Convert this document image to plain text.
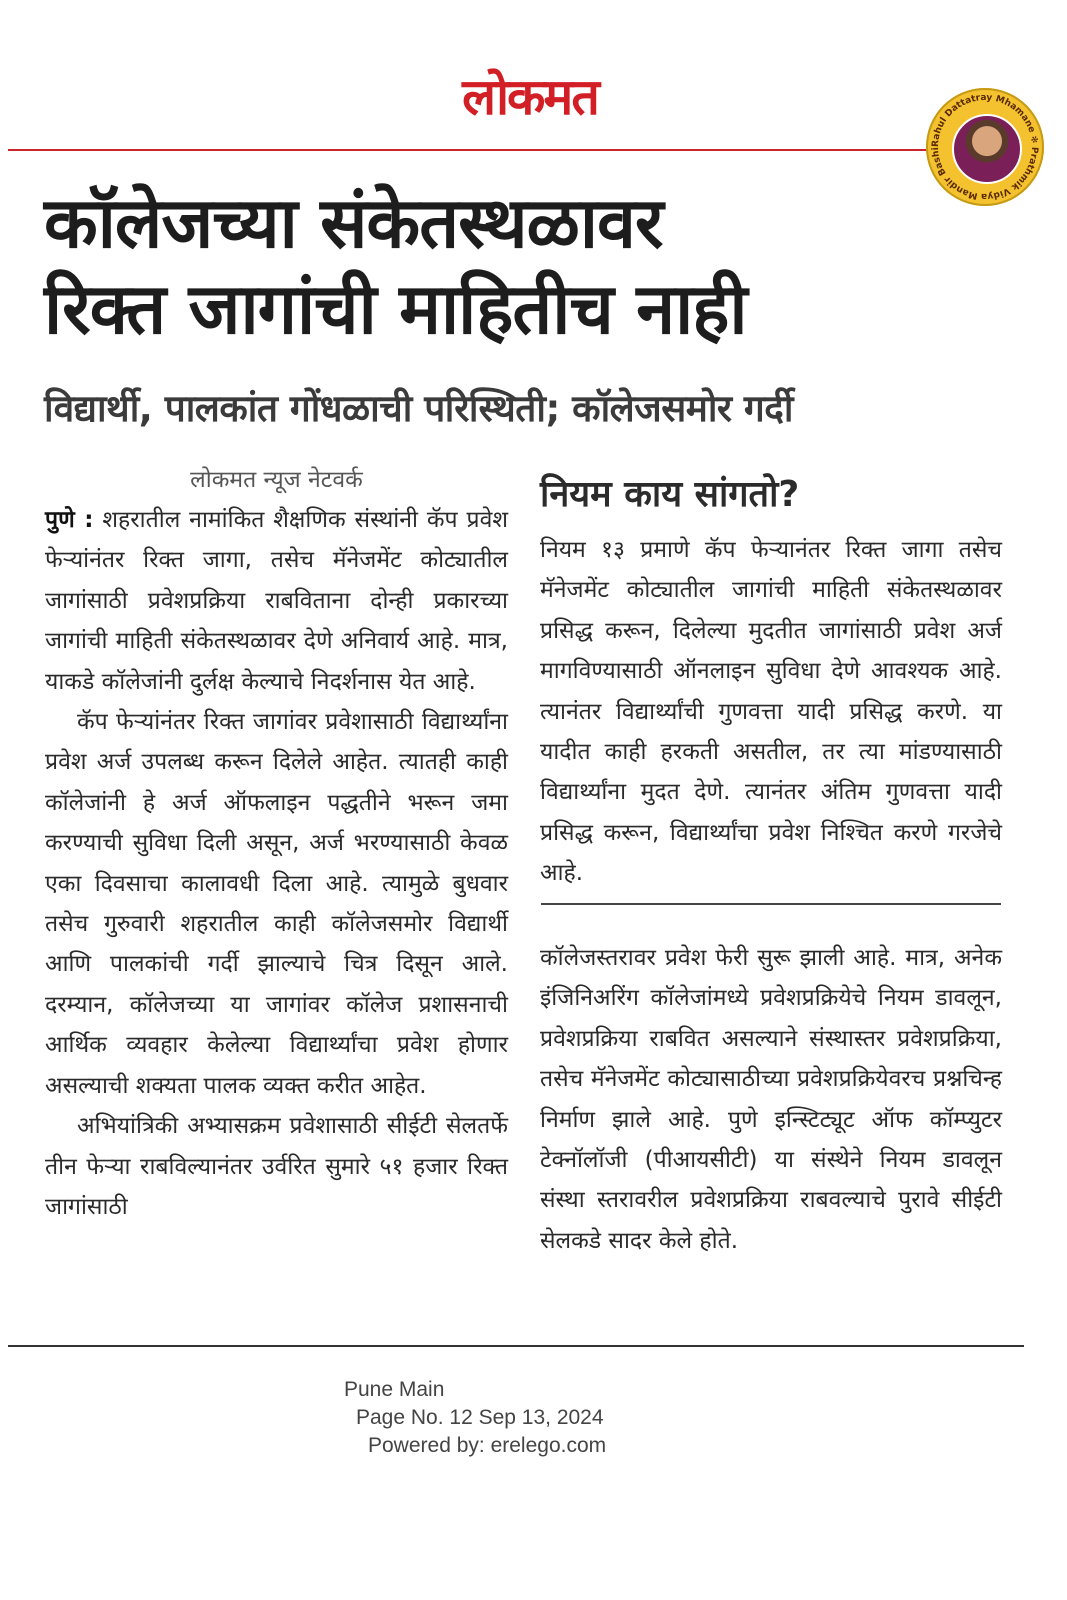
लोकमत
Rahul Dattatray Mhamane ✻ Prathmik Vidya Mandir Bashi
कॉलेजच्या संकेतस्थळावर
रिक्त जागांची माहितीच नाही
विद्यार्थी, पालकांत गोंधळाची परिस्थिती; कॉलेजसमोर गर्दी

लोकमत न्यूज नेटवर्क

पुणे : शहरातील नामांकित शैक्षणिक संस्थांनी कॅप प्रवेश फेऱ्यांनंतर रिक्त जागा, तसेच मॅनेजमेंट कोट्यातील जागांसाठी प्रवेशप्रक्रिया राबविताना दोन्ही प्रकारच्या जागांची माहिती संकेतस्थळावर देणे अनिवार्य आहे. मात्र, याकडे कॉलेजांनी दुर्लक्ष केल्याचे निदर्शनास येत आहे.

कॅप फेऱ्यांनंतर रिक्त जागांवर प्रवेशासाठी विद्यार्थ्यांना प्रवेश अर्ज उपलब्ध करून दिलेले आहेत. त्यातही काही कॉलेजांनी हे अर्ज ऑफलाइन पद्धतीने भरून जमा करण्याची सुविधा दिली असून, अर्ज भरण्यासाठी केवळ एका दिवसाचा कालावधी दिला आहे. त्यामुळे बुधवार तसेच गुरुवारी शहरातील काही कॉलेजसमोर विद्यार्थी आणि पालकांची गर्दी झाल्याचे चित्र दिसून आले. दरम्यान, कॉलेजच्या या जागांवर कॉलेज प्रशासनाची आर्थिक व्यवहार केलेल्या विद्यार्थ्यांचा प्रवेश होणार असल्याची शक्यता पालक व्यक्त करीत आहेत.

अभियांत्रिकी अभ्यासक्रम प्रवेशासाठी सीईटी सेलतर्फे तीन फेऱ्या राबविल्यानंतर उर्वरित सुमारे ५१ हजार रिक्त जागांसाठी

नियम काय सांगतो?
नियम १३ प्रमाणे कॅप फेऱ्यानंतर रिक्त जागा तसेच मॅनेजमेंट कोट्यातील जागांची माहिती संकेतस्थळावर प्रसिद्ध करून, दिलेल्या मुदतीत जागांसाठी प्रवेश अर्ज मागविण्यासाठी ऑनलाइन सुविधा देणे आवश्यक आहे. त्यानंतर विद्यार्थ्यांची गुणवत्ता यादी प्रसिद्ध करणे. या यादीत काही हरकती असतील, तर त्या मांडण्यासाठी विद्यार्थ्यांना मुदत देणे. त्यानंतर अंतिम गुणवत्ता यादी प्रसिद्ध करून, विद्यार्थ्यांचा प्रवेश निश्चित करणे गरजेचे आहे.
कॉलेजस्तरावर प्रवेश फेरी सुरू झाली आहे. मात्र, अनेक इंजिनिअरिंग कॉलेजांमध्ये प्रवेशप्रक्रियेचे नियम डावलून, प्रवेशप्रक्रिया राबवित असल्याने संस्थास्तर प्रवेशप्रक्रिया, तसेच मॅनेजमेंट कोट्यासाठीच्या प्रवेशप्रक्रियेवरच प्रश्नचिन्ह निर्माण झाले आहे. पुणे इन्स्टिट्यूट ऑफ कॉम्प्युटर टेक्नॉलॉजी (पीआयसीटी) या संस्थेने नियम डावलून संस्था स्तरावरील प्रवेशप्रक्रिया राबवल्याचे पुरावे सीईटी सेलकडे सादर केले होते.
Pune Main
Page No. 12 Sep 13, 2024
Powered by: erelego.com
